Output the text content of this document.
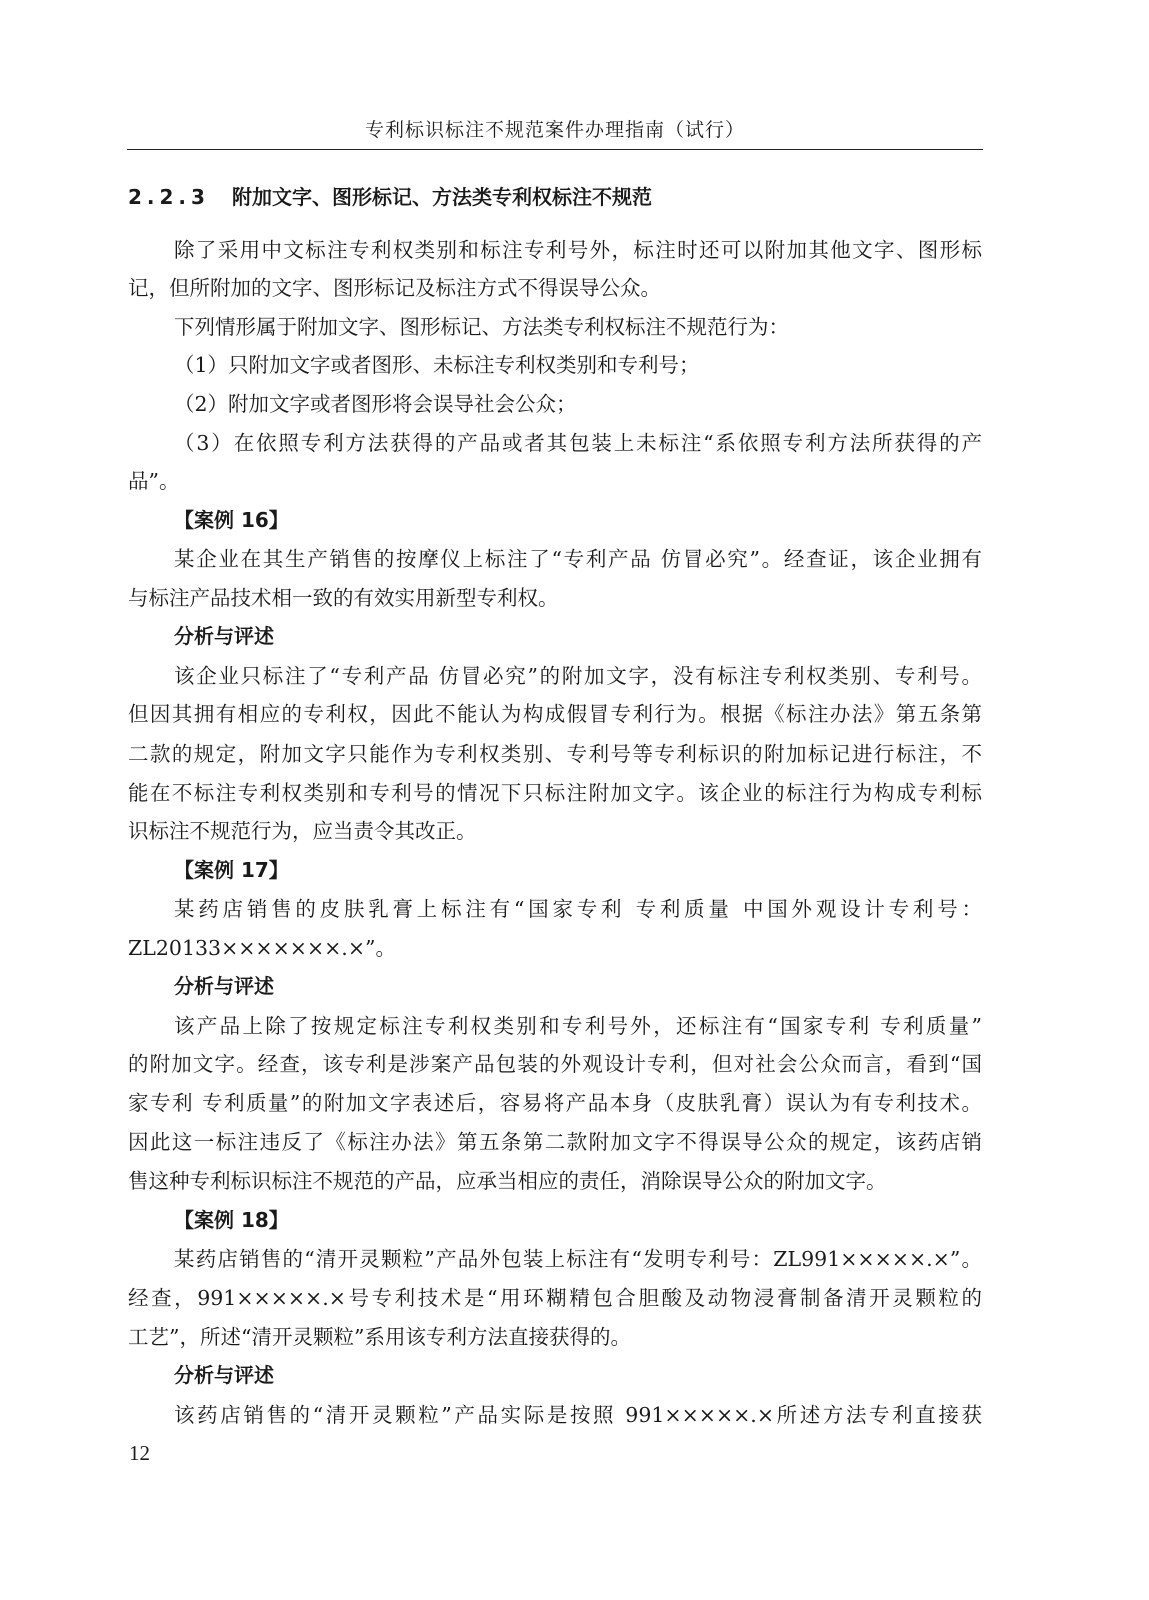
专利标识标注不规范案件办理指南（试行）
2.2.3 附加文字、图形标记、方法类专利权标注不规范
除了采用中文标注专利权类别和标注专利号外，标注时还可以附加其他文字、图形标
记，但所附加的文字、图形标记及标注方式不得误导公众。
下列情形属于附加文字、图形标记、方法类专利权标注不规范行为：
（1）只附加文字或者图形、未标注专利权类别和专利号；
（2）附加文字或者图形将会误导社会公众；
（3）在依照专利方法获得的产品或者其包装上未标注“系依照专利方法所获得的产
品”。
【案例 16】
某企业在其生产销售的按摩仪上标注了“专利产品 仿冒必究”。经查证，该企业拥有
与标注产品技术相一致的有效实用新型专利权。
分析与评述
该企业只标注了“专利产品 仿冒必究”的附加文字，没有标注专利权类别、专利号。
但因其拥有相应的专利权，因此不能认为构成假冒专利行为。根据《标注办法》第五条第
二款的规定，附加文字只能作为专利权类别、专利号等专利标识的附加标记进行标注，不
能在不标注专利权类别和专利号的情况下只标注附加文字。该企业的标注行为构成专利标
识标注不规范行为，应当责令其改正。
【案例 17】
某药店销售的皮肤乳膏上标注有“国家专利 专利质量 中国外观设计专利号：
ZL20133×××××××.×”。
分析与评述
该产品上除了按规定标注专利权类别和专利号外，还标注有“国家专利 专利质量”
的附加文字。经查，该专利是涉案产品包装的外观设计专利，但对社会公众而言，看到“国
家专利 专利质量”的附加文字表述后，容易将产品本身（皮肤乳膏）误认为有专利技术。
因此这一标注违反了《标注办法》第五条第二款附加文字不得误导公众的规定，该药店销
售这种专利标识标注不规范的产品，应承当相应的责任，消除误导公众的附加文字。
【案例 18】
某药店销售的“清开灵颗粒”产品外包装上标注有“发明专利号：ZL991×××××.×”。
经查，991×××××.×号专利技术是“用环糊精包合胆酸及动物浸膏制备清开灵颗粒的
工艺”，所述“清开灵颗粒”系用该专利方法直接获得的。
分析与评述
该药店销售的“清开灵颗粒”产品实际是按照 991×××××.×所述方法专利直接获
12
